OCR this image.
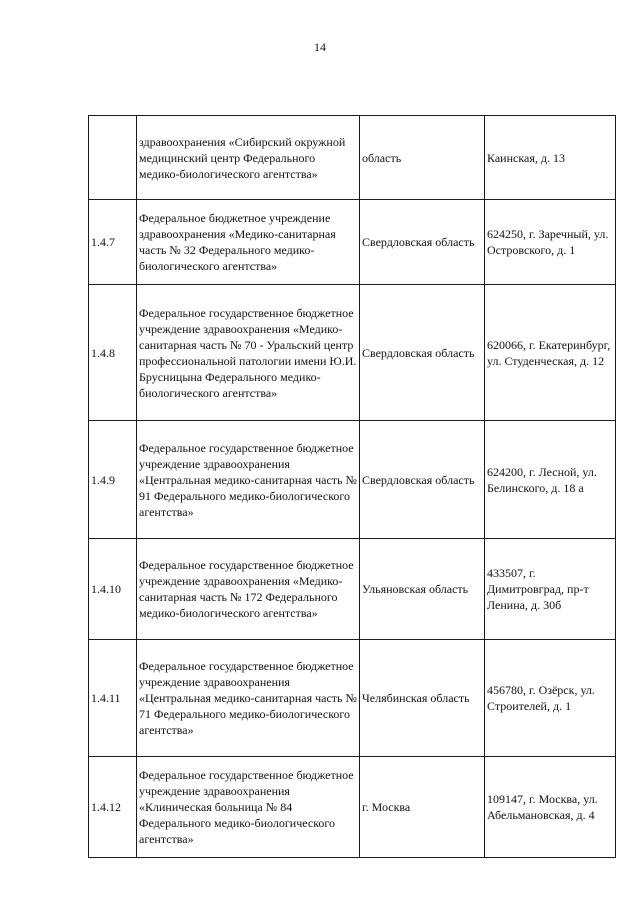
14
	здравоохранения «Сибирский окружной медицинский центр Федерального медико-биологического агентства»	область	Каинская, д. 13
1.4.7	Федеральное бюджетное учреждение здравоохранения «Медико-санитарная часть № 32 Федерального медико-биологического агентства»	Свердловская область	624250, г. Заречный, ул. Островского, д. 1
1.4.8	Федеральное государственное бюджетное учреждение здравоохранения «Медико-санитарная часть № 70 - Уральский центр профессиональной патологии имени Ю.И. Брусницына Федерального медико-биологического агентства»	Свердловская область	620066, г. Екатеринбург, ул. Студенческая, д. 12
1.4.9	Федеральное государственное бюджетное учреждение здравоохранения «Центральная медико-санитарная часть № 91 Федерального медико-биологического агентства»	Свердловская область	624200, г. Лесной, ул. Белинского, д. 18 а
1.4.10	Федеральное государственное бюджетное учреждение здравоохранения «Медико-санитарная часть № 172 Федерального медико-биологического агентства»	Ульяновская область	433507, г. Димитровград, пр-т Ленина, д. 30б
1.4.11	Федеральное государственное бюджетное учреждение здравоохранения «Центральная медико-санитарная часть № 71 Федерального медико-биологического агентства»	Челябинская область	456780, г. Озёрск, ул. Строителей, д. 1
1.4.12	Федеральное государственное бюджетное учреждение здравоохранения «Клиническая больница № 84 Федерального медико-биологического агентства»	г. Москва	109147, г. Москва, ул. Абельмановская, д. 4
